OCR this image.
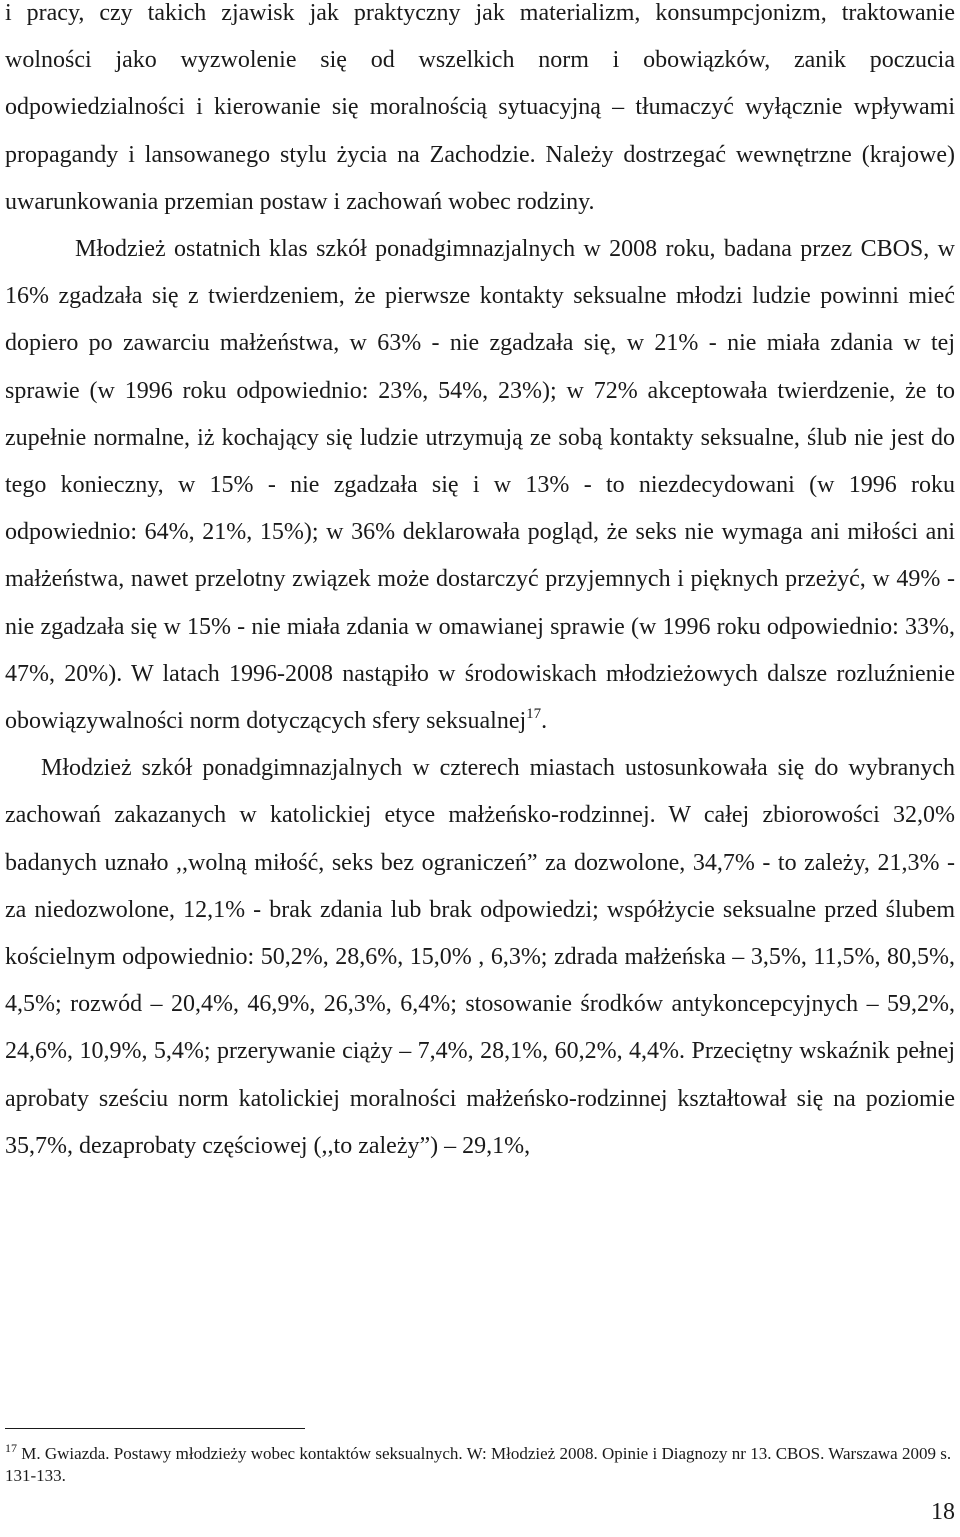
i pracy, czy takich zjawisk jak praktyczny jak materializm, konsumpcjonizm, traktowanie wolności jako wyzwolenie się od wszelkich norm i obowiązków, zanik poczucia odpowiedzialności i kierowanie się moralnością sytuacyjną – tłumaczyć wyłącznie wpływami propagandy i lansowanego stylu życia na Zachodzie. Należy dostrzegać wewnętrzne (krajowe) uwarunkowania przemian postaw i zachowań wobec rodziny.

Młodzież ostatnich klas szkół ponadgimnazjalnych w 2008 roku, badana przez CBOS, w 16% zgadzała się z twierdzeniem, że pierwsze kontakty seksualne młodzi ludzie powinni mieć dopiero po zawarciu małżeństwa, w 63% - nie zgadzała się, w 21% - nie miała zdania w tej sprawie (w 1996 roku odpowiednio: 23%, 54%, 23%); w 72% akceptowała twierdzenie, że to zupełnie normalne, iż kochający się ludzie utrzymują ze sobą kontakty seksualne, ślub nie jest do tego konieczny, w 15% - nie zgadzała się i w 13% - to niezdecydowani (w 1996 roku odpowiednio: 64%, 21%, 15%); w 36% deklarowała pogląd, że seks nie wymaga ani miłości ani małżeństwa, nawet przelotny związek może dostarczyć przyjemnych i pięknych przeżyć, w 49% - nie zgadzała się w 15% - nie miała zdania w omawianej sprawie (w 1996 roku odpowiednio: 33%, 47%, 20%). W latach 1996-2008 nastąpiło w środowiskach młodzieżowych dalsze rozluźnienie obowiązywalności norm dotyczących sfery seksualnej$^{17}$.

Młodzież szkół ponadgimnazjalnych w czterech miastach ustosunkowała się do wybranych zachowań zakazanych w katolickiej etyce małżeńsko-rodzinnej. W całej zbiorowości 32,0% badanych uznało ,,wolną miłość, seks bez ograniczeń” za dozwolone, 34,7% - to zależy, 21,3% - za niedozwolone, 12,1% - brak zdania lub brak odpowiedzi; współżycie seksualne przed ślubem kościelnym odpowiednio: 50,2%, 28,6%, 15,0% , 6,3%; zdrada małżeńska – 3,5%, 11,5%, 80,5%, 4,5%; rozwód – 20,4%, 46,9%, 26,3%, 6,4%; stosowanie środków antykoncepcyjnych – 59,2%, 24,6%, 10,9%, 5,4%; przerywanie ciąży – 7,4%, 28,1%, 60,2%, 4,4%. Przeciętny wskaźnik pełnej aprobaty sześciu norm katolickiej moralności małżeńsko-rodzinnej kształtował się na poziomie 35,7%, dezaprobaty częściowej (,,to zależy”) – 29,1%,

$^{17}$ M. Gwiazda. Postawy młodzieży wobec kontaktów seksualnych. W: Młodzież 2008. Opinie i Diagnozy nr 13. CBOS. Warszawa 2009 s. 131-133.
18
